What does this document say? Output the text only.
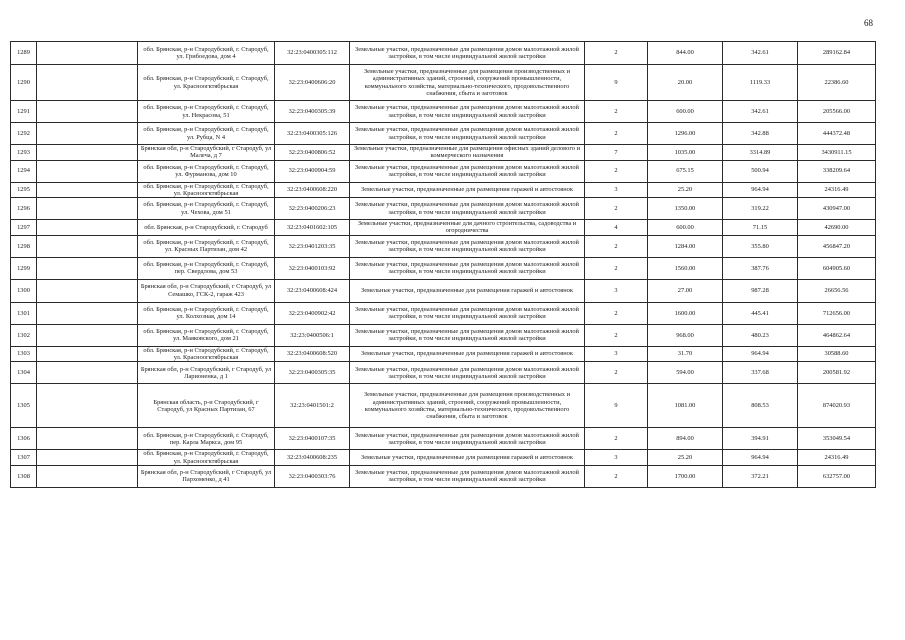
68
1289		обл. Брянская, р-н Стародубский, г. Стародуб, ул. Грибоедова, дом 4	32:23:0400305:112	Земельные участки, предназначенные для размещения домов малоэтажной жилой застройки, в том числе индивидуальной жилой застройки	2	844.00	342.61	289162.84
1290		обл. Брянская, р-н Стародубский, г. Стародуб, ул. Красноогктябрьская	32:23:0400606:20	Земельные участки, предназначенные для размещения производственных и административных зданий, строений, сооружений промышленности, коммунального хозяйства, материально-технического, продовольственного снабжения, сбыта и заготовок	9	20.00	1119.33	22386.60
1291		обл. Брянская, р-н Стародубский, г. Стародуб, ул. Некрасова, 51	32:23:0400305:39	Земельные участки, предназначенные для размещения домов малоэтажной жилой застройки, в том числе индивидуальной жилой застройки	2	600.00	342.61	205566.00
1292		обл. Брянская, р-н Стародубский, г. Стародуб, ул. Рубца, N 4	32:23:0400305:126	Земельные участки, предназначенные для размещения домов малоэтажной жилой застройки, в том числе индивидуальной жилой застройки	2	1296.00	342.88	444372.48
1293		Брянская обл, р-н Стародубский, г Стародуб, ул Малеча, д 7	32:23:0400806:52	Земельные участки, предназначенные для размещения офисных зданий делового и коммерческого назначения	7	1035.00	3314.89	3430911.15
1294		обл. Брянская, р-н Стародубский, г. Стародуб, ул. Фурманова, дом 10	32:23:0400904:59	Земельные участки, предназначенные для размещения домов малоэтажной жилой застройки, в том числе индивидуальной жилой застройки	2	675.15	500.94	338209.64
1295		обл. Брянская, р-н Стародубский, г. Стародуб, ул. Красноогктябрьская	32:23:0400608:220	Земельные участки, предназначенные для размещения гаражей и автостоянок	3	25.20	964.94	24316.49
1296		обл. Брянская, р-н Стародубский, г. Стародуб, ул. Чехова, дом 51	32:23:0400206:23	Земельные участки, предназначенные для размещения домов малоэтажной жилой застройки, в том числе индивидуальной жилой застройки	2	1350.00	319.22	430947.00
1297		обл. Брянская, р-н Стародубский, г. Стародуб	32:23:0401602:105	Земельные участки, предназначенные для дачного строительства, садоводства и огородничества	4	600.00	71.15	42690.00
1298		обл. Брянская, р-н Стародубский, г. Стародуб, ул. Красных Партизан, дом 42	32:23:0401203:35	Земельные участки, предназначенные для размещения домов малоэтажной жилой застройки, в том числе индивидуальной жилой застройки	2	1284.00	355.80	456847.20
1299		обл. Брянская, р-н Стародубский, г. Стародуб, пер. Свердлова, дом 53	32:23:0400103:92	Земельные участки, предназначенные для размещения домов малоэтажной жилой застройки, в том числе индивидуальной жилой застройки	2	1560.00	387.76	604905.60
1300		Брянская обл, р-н Стародубский, г Стародуб, ул Семашко, ГСК-2, гараж 423	32:23:0400608:424	Земельные участки, предназначенные для размещения гаражей и автостоянок	3	27.00	987.28	26656.56
1301		обл. Брянская, р-н Стародубский, г. Стародуб, ул. Колхозная, дом 14	32:23:0400902:42	Земельные участки, предназначенные для размещения домов малоэтажной жилой застройки, в том числе индивидуальной жилой застройки	2	1600.00	445.41	712656.00
1302		обл. Брянская, р-н Стародубский, г. Стародуб, ул. Маяковского, дом 21	32:23:0400506:1	Земельные участки, предназначенные для размещения домов малоэтажной жилой застройки, в том числе индивидуальной жилой застройки	2	968.00	480.23	464862.64
1303		обл. Брянская, р-н Стародубский, г. Стародуб, ул. Красноогктябрьская	32:23:0400608:520	Земельные участки, предназначенные для размещения гаражей и автостоянок	3	31.70	964.94	30588.60
1304		Брянская обл, р-н Стародубский, г Стародуб, ул Ларионенка, д 1	32:23:0400305:35	Земельные участки, предназначенные для размещения домов малоэтажной жилой застройки, в том числе индивидуальной жилой застройки	2	594.00	337.68	200581.92
1305		Брянская область, р-н Стародубский, г Стародуб, ул Красных Партизан, 67	32:23:0401501:2	Земельные участки, предназначенные для размещения производственных и административных зданий, строений, сооружений промышленности, коммунального хозяйства, материально-технического, продовольственного снабжения, сбыта и заготовок	9	1081.00	808.53	874020.93
1306		обл. Брянская, р-н Стародубский, г. Стародуб, пер. Карла Маркса, дом 95	32:23:0400107:35	Земельные участки, предназначенные для размещения домов малоэтажной жилой застройки, в том числе индивидуальной жилой застройки	2	894.00	394.91	353049.54
1307		обл. Брянская, р-н Стародубский, г. Стародуб, ул. Красноогктябрьская	32:23:0400608:235	Земельные участки, предназначенные для размещения гаражей и автостоянок	3	25.20	964.94	24316.49
1308		Брянская обл, р-н Стародубский, г Стародуб, ул Пархоменко, д 41	32:23:0400303:76	Земельные участки, предназначенные для размещения домов малоэтажной жилой застройки, в том числе индивидуальной жилой застройки	2	1700.00	372.21	632757.00
